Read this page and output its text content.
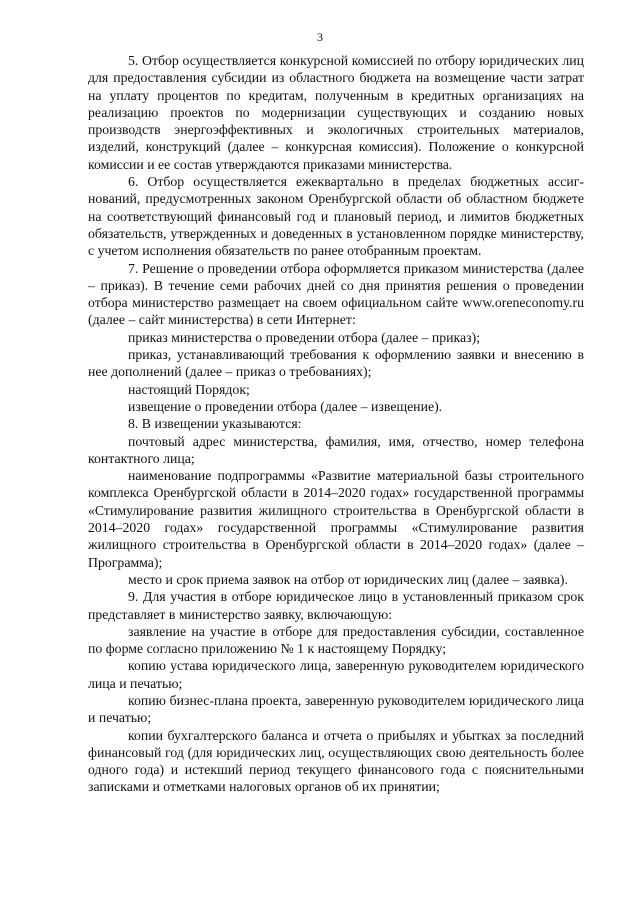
3

5. Отбор осуществляется конкурсной комиссией по отбору юридических лиц для предоставления субсидии из областного бюджета на возмещение части затрат на уплату процентов по кредитам, полученным в кредитных организациях на реализацию проектов по модернизации существующих и созданию новых производств энергоэффективных и экологичных строительных материалов, изделий, конструкций (далее – конкурсная комиссия). Положение о конкурсной комиссии и ее состав утверждаются приказами министерства.

6. Отбор осуществляется ежеквартально в пределах бюджетных ассигнований, предусмотренных законом Оренбургской области об областном бюджете на соответствующий финансовый год и плановый период, и лимитов бюджетных обязательств, утвержденных и доведенных в установленном порядке министерству, с учетом исполнения обязательств по ранее отобранным проектам.

7. Решение о проведении отбора оформляется приказом министерства (далее – приказ). В течение семи рабочих дней со дня принятия решения о проведении отбора министерство размещает на своем официальном сайте www.oreneconomy.ru (далее – сайт министерства) в сети Интернет:

приказ министерства о проведении отбора (далее – приказ);

приказ, устанавливающий требования к оформлению заявки и внесению в нее дополнений (далее – приказ о требованиях);

настоящий Порядок;

извещение о проведении отбора (далее – извещение).

8. В извещении указываются:

почтовый адрес министерства, фамилия, имя, отчество, номер телефона контактного лица;

наименование подпрограммы «Развитие материальной базы строительного комплекса Оренбургской области в 2014–2020 годах» государственной программы «Стимулирование развития жилищного строительства в Оренбургской области в 2014–2020 годах» государственной программы «Стимулирование развития жилищного строительства в Оренбургской области в 2014–2020 годах» (далее – Программа);

место и срок приема заявок на отбор от юридических лиц (далее – заявка).

9. Для участия в отборе юридическое лицо в установленный приказом срок представляет в министерство заявку, включающую:

заявление на участие в отборе для предоставления субсидии, составленное по форме согласно приложению № 1 к настоящему Порядку;

копию устава юридического лица, заверенную руководителем юридического лица и печатью;

копию бизнес-плана проекта, заверенную руководителем юридического лица и печатью;

копии бухгалтерского баланса и отчета о прибылях и убытках за последний финансовый год (для юридических лиц, осуществляющих свою деятельность более одного года) и истекший период текущего финансового года с пояснительными записками и отметками налоговых органов об их принятии;
